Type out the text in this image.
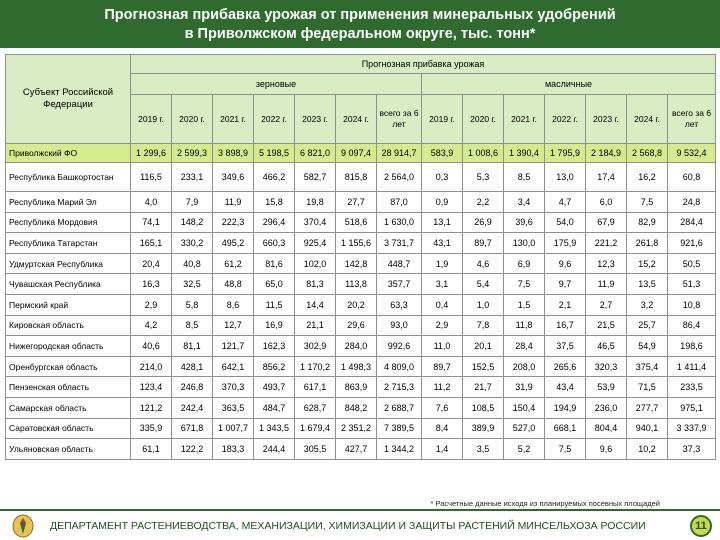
Прогнозная прибавка урожая от применения минеральных удобрений
в Приволжском федеральном округе, тыс. тонн*
Субъект Российской Федерации	Прогнозная прибавка урожая													
	зерновые							масличные						
	2019 г.	2020 г.	2021 г.	2022 г.	2023 г.	2024 г.	всего за 6 лет	2019 г.	2020 г.	2021 г.	2022 г.	2023 г.	2024 г.	всего за 6 лет
Приволжский ФО	1 299,6	2 599,3	3 898,9	5 198,5	6 821,0	9 097,4	28 914,7	583,9	1 008,6	1 390,4	1 795,9	2 184,9	2 568,8	9 532,4
Республика Башкортостан	116,5	233,1	349,6	466,2	582,7	815,8	2 564,0	0,3	5,3	8,5	13,0	17,4	16,2	60,8
Республика Марий Эл	4,0	7,9	11,9	15,8	19,8	27,7	87,0	0,9	2,2	3,4	4,7	6,0	7,5	24,8
Республика Мордовия	74,1	148,2	222,3	296,4	370,4	518,6	1 630,0	13,1	26,9	39,6	54,0	67,9	82,9	284,4
Республика Татарстан	165,1	330,2	495,2	660,3	925,4	1 155,6	3 731,7	43,1	89,7	130,0	175,9	221,2	261,8	921,6
Удмуртская Республика	20,4	40,8	61,2	81,6	102,0	142,8	448,7	1,9	4,6	6,9	9,6	12,3	15,2	50,5
Чувашская Республика	16,3	32,5	48,8	65,0	81,3	113,8	357,7	3,1	5,4	7,5	9,7	11,9	13,5	51,3
Пермский край	2,9	5,8	8,6	11,5	14,4	20,2	63,3	0,4	1,0	1,5	2,1	2,7	3,2	10,8
Кировская область	4,2	8,5	12,7	16,9	21,1	29,6	93,0	2,9	7,8	11,8	16,7	21,5	25,7	86,4
Нижегородская область	40,6	81,1	121,7	162,3	302,9	284,0	992,6	11,0	20,1	28,4	37,5	46,5	54,9	198,6
Оренбургская область	214,0	428,1	642,1	856,2	1 170,2	1 498,3	4 809,0	89,7	152,5	208,0	265,6	320,3	375,4	1 411,4
Пензенская область	123,4	246,8	370,3	493,7	617,1	863,9	2 715,3	11,2	21,7	31,9	43,4	53,9	71,5	233,5
Самарская область	121,2	242,4	363,5	484,7	628,7	848,2	2 688,7	7,6	108,5	150,4	194,9	236,0	277,7	975,1
Саратовская область	335,9	671,8	1 007,7	1 343,5	1 679,4	2 351,2	7 389,5	8,4	389,9	527,0	668,1	804,4	940,1	3 337,9
Ульяновская область	61,1	122,2	183,3	244,4	305,5	427,7	1 344,2	1,4	3,5	5,2	7,5	9,6	10,2	37,3
* Расчетные данные исходя из планируемых посевных площадей
ДЕПАРТАМЕНТ РАСТЕНИЕВОДСТВА, МЕХАНИЗАЦИИ, ХИМИЗАЦИИ И ЗАЩИТЫ РАСТЕНИЙ МИНСЕЛЬХОЗА РОССИИ	11
